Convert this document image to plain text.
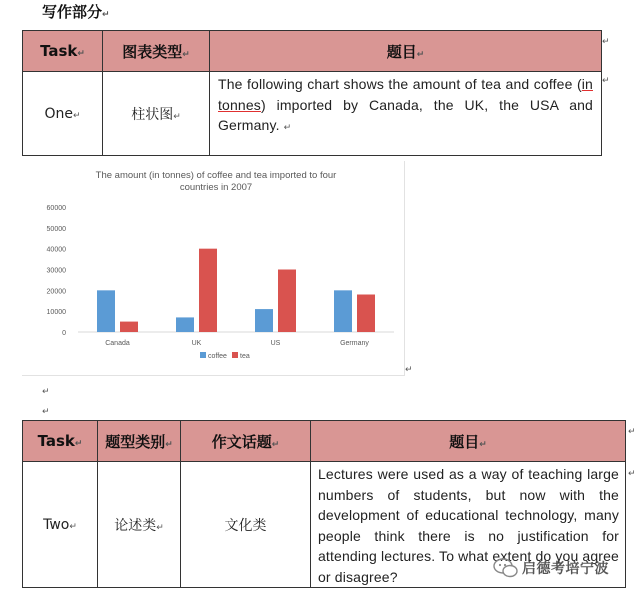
写作部分↵
Task↵	图表类型↵	题目↵
One↵	柱状图↵	The following chart shows the amount of tea and coffee (in tonnes) imported by Canada, the UK, the USA and Germany. ↵
↵
↵
The amount (in tonnes) of coffee and tea imported to four
countries in 2007
60000
50000
40000
30000
20000
10000
0
Canada	UK	US	Germany
coffee tea
↵
↵
↵
Task↵	题型类别↵	作文话题↵	题目↵
Two↵	论述类↵	文化类	Lectures were used as a way of teaching large numbers of students, but now with the development of educational technology, many people think there is no justification for attending lectures. To what extent do you agree or disagree?
↵
↵
启德考培宁波
